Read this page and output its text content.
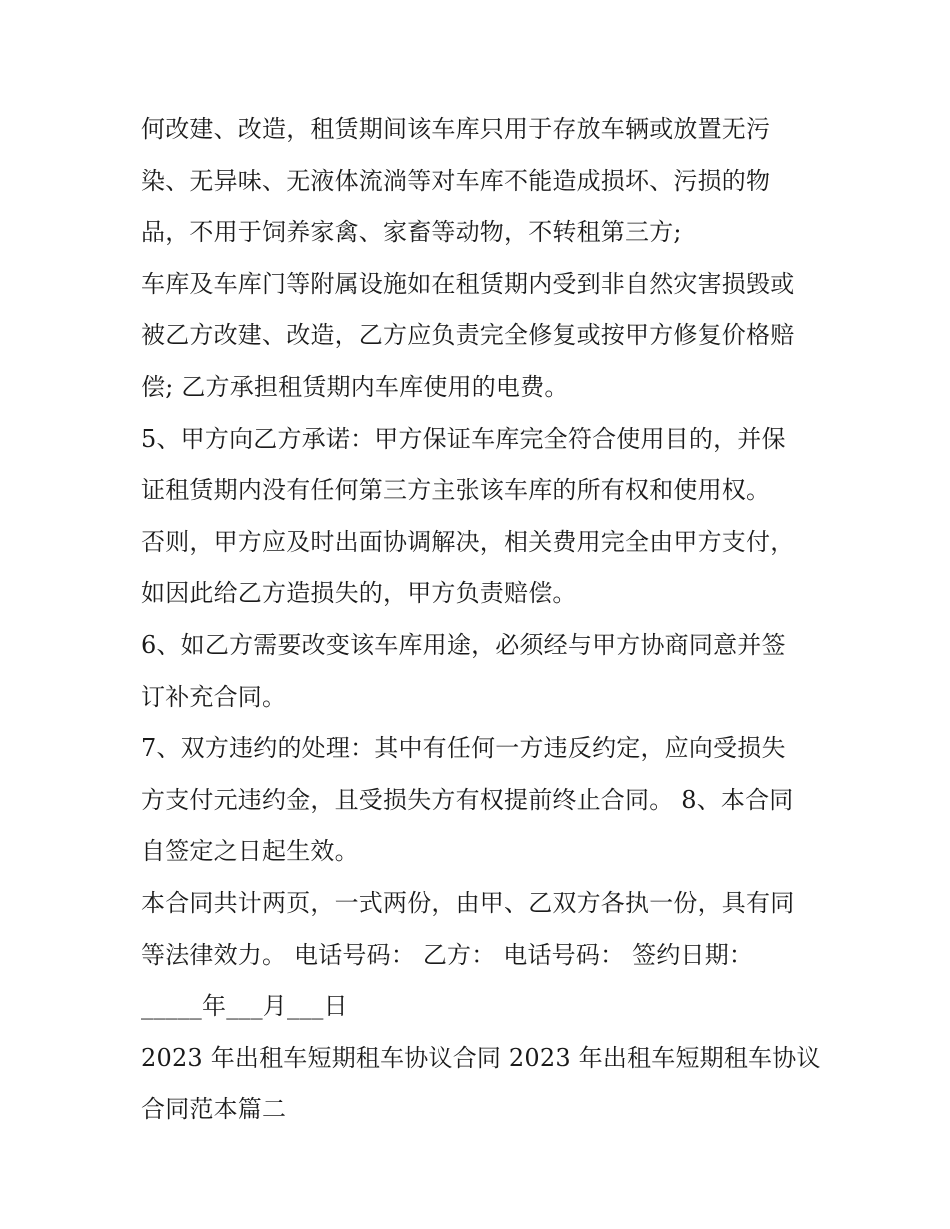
何改建、改造，租赁期间该车库只用于存放车辆或放置无污
染、无异味、无液体流淌等对车库不能造成损坏、污损的物
品，不用于饲养家禽、家畜等动物，不转租第三方;
车库及车库门等附属设施如在租赁期内受到非自然灾害损毁或
被乙方改建、改造，乙方应负责完全修复或按甲方修复价格赔
偿; 乙方承担租赁期内车库使用的电费。
5、甲方向乙方承诺：甲方保证车库完全符合使用目的，并保
证租赁期内没有任何第三方主张该车库的所有权和使用权。
否则，甲方应及时出面协调解决，相关费用完全由甲方支付，
如因此给乙方造损失的，甲方负责赔偿。
6、如乙方需要改变该车库用途，必须经与甲方协商同意并签
订补充合同。
7、双方违约的处理：其中有任何一方违反约定，应向受损失
方支付元违约金，且受损失方有权提前终止合同。 8、本合同
自签定之日起生效。
本合同共计两页，一式两份，由甲、乙双方各执一份，具有同
等法律效力。 电话号码： 乙方： 电话号码： 签约日期：
_____年___月___日
2023 年出租车短期租车协议合同 2023 年出租车短期租车协议
合同范本篇二
